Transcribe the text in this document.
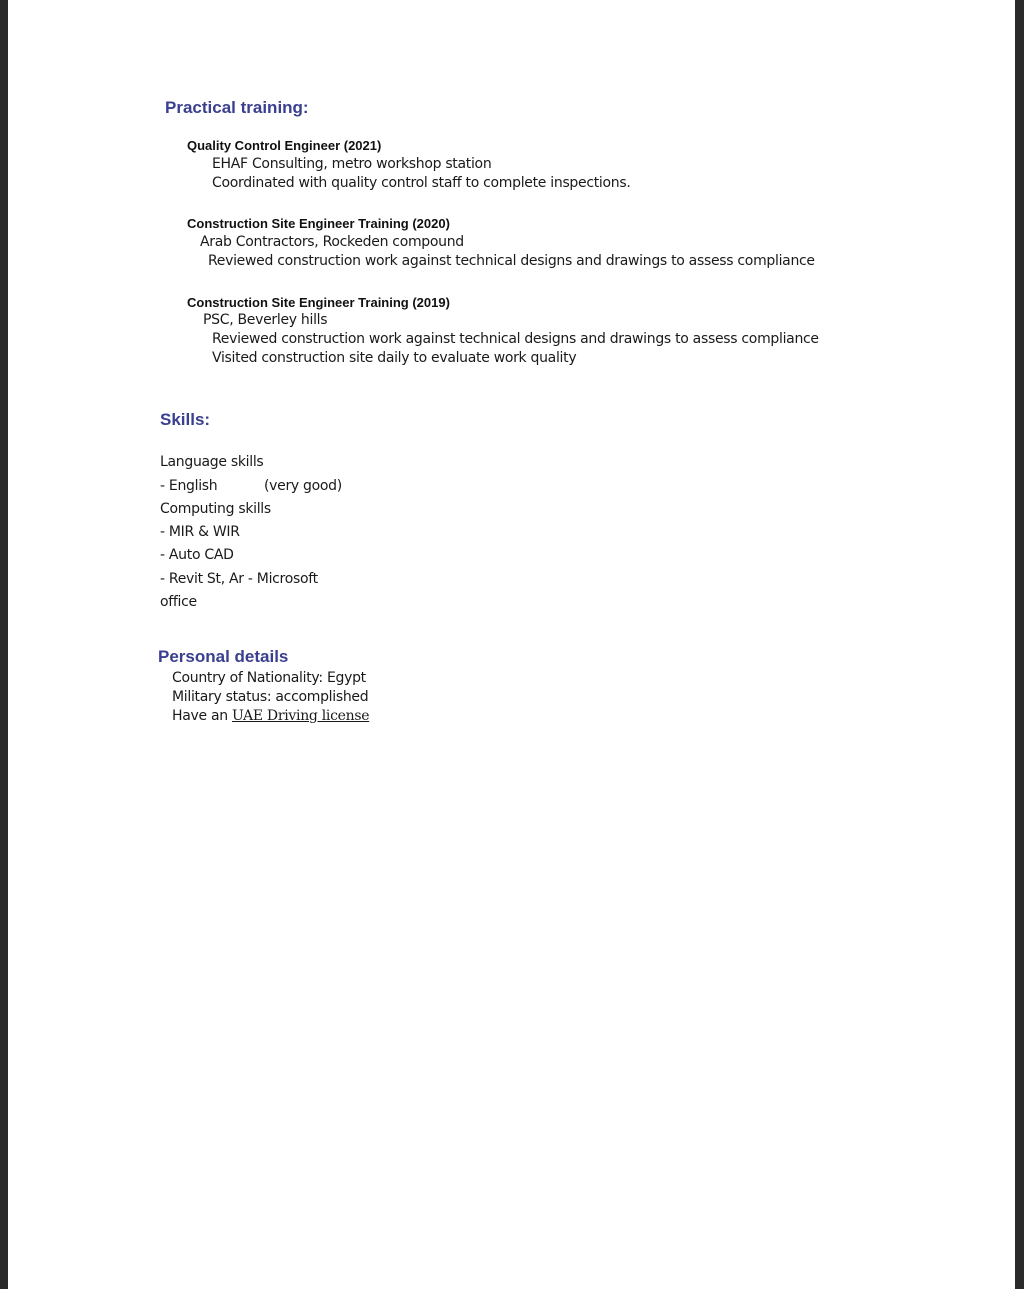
Practical training:
Quality Control Engineer (2021)
EHAF Consulting, metro workshop station
Coordinated with quality control staff to complete inspections.
Construction Site Engineer Training (2020)
Arab Contractors, Rockeden compound
Reviewed construction work against technical designs and drawings to assess compliance
Construction Site Engineer Training (2019)
PSC, Beverley hills
Reviewed construction work against technical designs and drawings to assess compliance
Visited construction site daily to evaluate work quality
Skills:
Language skills
- English	(very good)
Computing skills
- MIR & WIR
- Auto CAD
- Revit St, Ar - Microsoft
office
Personal details
Country of Nationality: Egypt
Military status: accomplished
Have an UAE Driving license
